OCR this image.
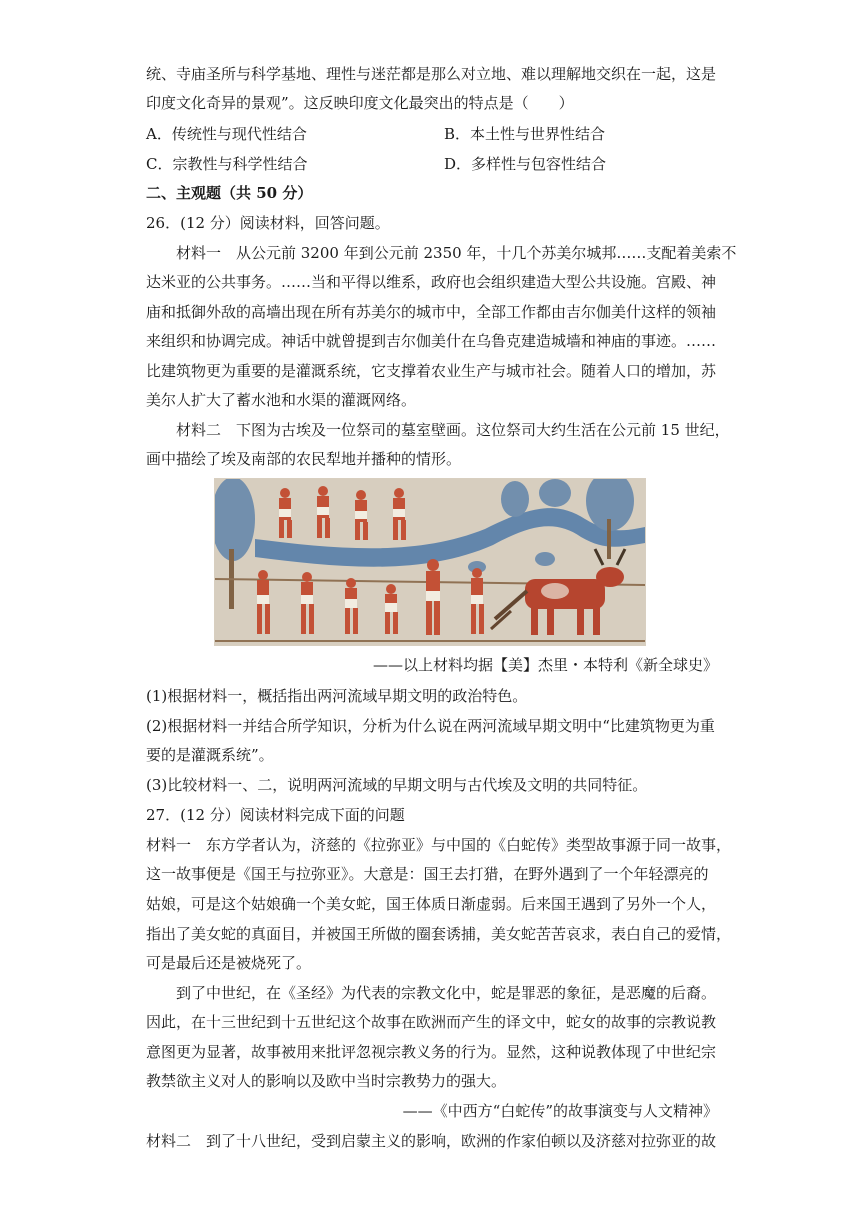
统、寺庙圣所与科学基地、理性与迷茫都是那么对立地、难以理解地交织在一起，这是
印度文化奇异的景观”。这反映印度文化最突出的特点是（　　）
A．传统性与现代性结合	B．本土性与世界性结合
C．宗教性与科学性结合	D．多样性与包容性结合
二、主观题（共 50 分）
26．(12 分）阅读材料，回答问题。
材料一　从公元前 3200 年到公元前 2350 年，十几个苏美尔城邦……支配着美索不
达米亚的公共事务。……当和平得以维系，政府也会组织建造大型公共设施。宫殿、神
庙和抵御外敌的高墙出现在所有苏美尔的城市中，全部工作都由吉尔伽美什这样的领袖
来组织和协调完成。神话中就曾提到吉尔伽美什在乌鲁克建造城墙和神庙的事迹。……
比建筑物更为重要的是灌溉系统，它支撑着农业生产与城市社会。随着人口的增加，苏
美尔人扩大了蓄水池和水渠的灌溉网络。
材料二　下图为古埃及一位祭司的墓室壁画。这位祭司大约生活在公元前 15 世纪，
画中描绘了埃及南部的农民犁地并播种的情形。
——以上材料均据【美】杰里・本特利《新全球史》
(1)根据材料一，概括指出两河流域早期文明的政治特色。
(2)根据材料一并结合所学知识，分析为什么说在两河流域早期文明中“比建筑物更为重
要的是灌溉系统”。
(3)比较材料一、二，说明两河流域的早期文明与古代埃及文明的共同特征。
27．(12 分）阅读材料完成下面的问题
材料一　东方学者认为，济慈的《拉弥亚》与中国的《白蛇传》类型故事源于同一故事，
这一故事便是《国王与拉弥亚》。大意是：国王去打猎，在野外遇到了一个年轻漂亮的
姑娘，可是这个姑娘确一个美女蛇，国王体质日渐虚弱。后来国王遇到了另外一个人，
指出了美女蛇的真面目，并被国王所做的圈套诱捕，美女蛇苦苦哀求，表白自己的爱情，
可是最后还是被烧死了。
到了中世纪，在《圣经》为代表的宗教文化中，蛇是罪恶的象征，是恶魔的后裔。
因此，在十三世纪到十五世纪这个故事在欧洲而产生的译文中，蛇女的故事的宗教说教
意图更为显著，故事被用来批评忽视宗教义务的行为。显然，这种说教体现了中世纪宗
教禁欲主义对人的影响以及欧中当时宗教势力的强大。
——《中西方“白蛇传”的故事演变与人文精神》
材料二　到了十八世纪，受到启蒙主义的影响，欧洲的作家伯顿以及济慈对拉弥亚的故
